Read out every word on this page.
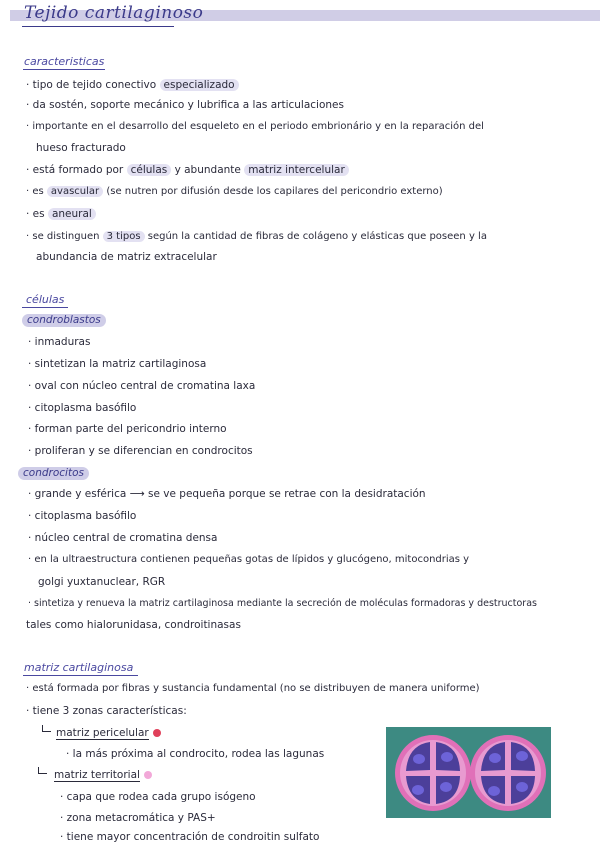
Tejido cartilaginoso
caracteristicas
· tipo de tejido conectivo especializado
· da sostén, soporte mecánico y lubrifica a las articulaciones
· importante en el desarrollo del esqueleto en el periodo embrionário y en la reparación del
hueso fracturado
· está formado por células y abundante matriz intercelular
· es avascular (se nutren por difusión desde los capilares del pericondrio externo)
· es aneural
· se distinguen 3 tipos según la cantidad de fibras de colágeno y elásticas que poseen y la
abundancia de matriz extracelular
células
condroblastos
· inmaduras
· sintetizan la matriz cartilaginosa
· oval con núcleo central de cromatina laxa
· citoplasma basófilo
· forman parte del pericondrio interno
· proliferan y se diferencian en condrocitos
condrocitos
· grande y esférica ⟶ se ve pequeña porque se retrae con la desidratación
· citoplasma basófilo
· núcleo central de cromatina densa
· en la ultraestructura contienen pequeñas gotas de lípidos y glucógeno, mitocondrias y
golgi yuxtanuclear, RGR
· sintetiza y renueva la matriz cartilaginosa mediante la secreción de moléculas formadoras y destructoras
tales como hialorunidasa, condroitinasas
matriz cartilaginosa
· está formada por fibras y sustancia fundamental (no se distribuyen de manera uniforme)
· tiene 3 zonas características:
matriz pericelular
· la más próxima al condrocito, rodea las lagunas
matriz territorial
· capa que rodea cada grupo isógeno
· zona metacromática y PAS+
· tiene mayor concentración de condroitin sulfato
